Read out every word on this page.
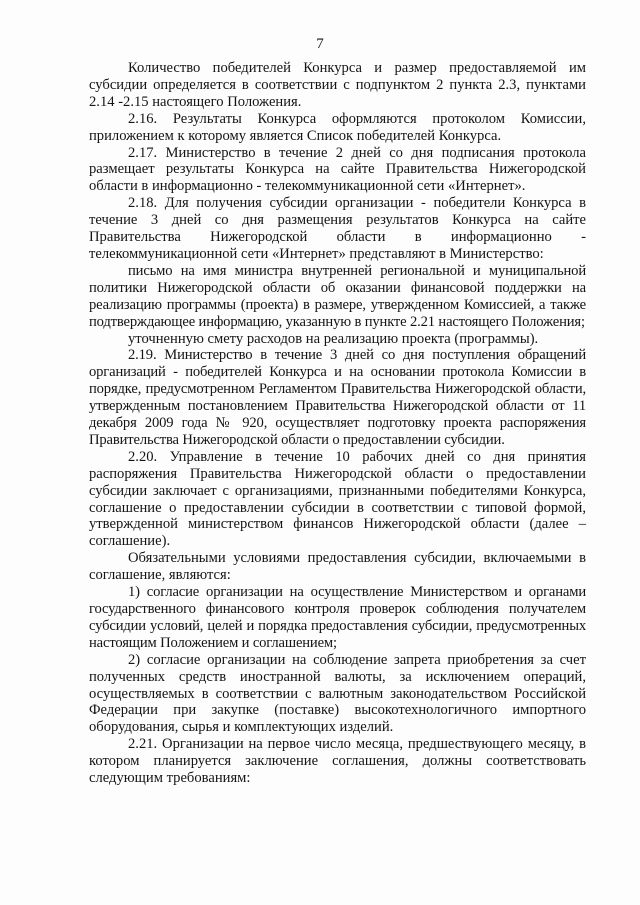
7

Количество победителей Конкурса и размер предоставляемой им субсидии определяется в соответствии с подпунктом 2 пункта 2.3, пунктами 2.14 -2.15 настоящего Положения.

2.16. Результаты Конкурса оформляются протоколом Комиссии, приложением к которому является Список победителей Конкурса.

2.17. Министерство в течение 2 дней со дня подписания протокола размещает результаты Конкурса на сайте Правительства Нижегородской области в информационно - телекоммуникационной сети «Интернет».

2.18. Для получения субсидии организации - победители Конкурса в течение 3 дней со дня размещения результатов Конкурса на сайте Правительства Нижегородской области в информационно - телекоммуникационной сети «Интернет» представляют в Министерство:

письмо на имя министра внутренней региональной и муниципальной политики Нижегородской области об оказании финансовой поддержки на реализацию программы (проекта) в размере, утвержденном Комиссией, а также подтверждающее информацию, указанную в пункте 2.21 настоящего Положения;

уточненную смету расходов на реализацию проекта (программы).

2.19. Министерство в течение 3 дней со дня поступления обращений организаций - победителей Конкурса и на основании протокола Комиссии в порядке, предусмотренном Регламентом Правительства Нижегородской области, утвержденным постановлением Правительства Нижегородской области от 11 декабря 2009 года № 920, осуществляет подготовку проекта распоряжения Правительства Нижегородской области о предоставлении субсидии.

2.20. Управление в течение 10 рабочих дней со дня принятия распоряжения Правительства Нижегородской области о предоставлении субсидии заключает с организациями, признанными победителями Конкурса, соглашение о предоставлении субсидии в соответствии с типовой формой, утвержденной министерством финансов Нижегородской области (далее – соглашение).

Обязательными условиями предоставления субсидии, включаемыми в соглашение, являются:

1) согласие организации на осуществление Министерством и органами государственного финансового контроля проверок соблюдения получателем субсидии условий, целей и порядка предоставления субсидии, предусмотренных настоящим Положением и соглашением;

2) согласие организации на соблюдение запрета приобретения за счет полученных средств иностранной валюты, за исключением операций, осуществляемых в соответствии с валютным законодательством Российской Федерации при закупке (поставке) высокотехнологичного импортного оборудования, сырья и комплектующих изделий.

2.21. Организации на первое число месяца, предшествующего месяцу, в котором планируется заключение соглашения, должны соответствовать следующим требованиям:
